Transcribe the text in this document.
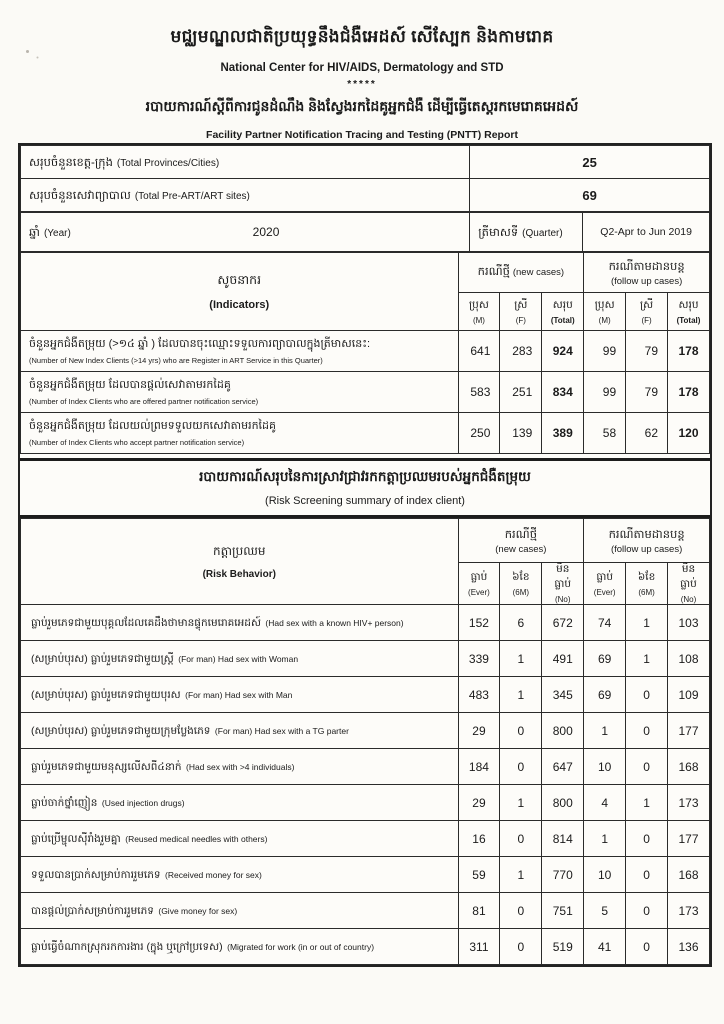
មជ្ឈមណ្ឌលជាតិប្រយុទ្ធនឹងជំងឺអេដស៍ សើស្បែក និងកាមរោគ
National Center for HIV/AIDS, Dermatology and STD
*****
របាយការណ៍ស្តីពីការជូនដំណឹង និងស្វែងរកដៃគូអ្នកជំងឺ ដើម្បីធ្វើតេស្តរកមេរោគអេដស៍
Facility Partner Notification Tracing and Testing (PNTT) Report
សរុបចំនួនខេត្ត-ក្រុង (Total Provinces/Cities)	25
សរុបចំនួនសេវាព្យាបាល (Total Pre-ART/ART sites)	69
ឆ្នាំ (Year)	2020	ត្រីមាសទី (Quarter)	Q2-Apr to Jun 2019
សូចនាករ
(Indicators)
	ករណីថ្មី (new cases)	ករណីតាមដានបន្ត
(follow up cases)

	ប្រុស
(M)	ស្រី
(F)	សរុប
(Total)	ប្រុស
(M)	ស្រី
(F)	សរុប
(Total)

ចំនួនអ្នកជំងឺតម្រុយ (>១៤ ឆ្នាំ ) ដែលបានចុះឈ្មោះទទួលការព្យាបាលក្នុងត្រីមាសនេះ:
(Number of New Index Clients (>14 yrs) who are Register in ART Service in this Quarter)	641	283	924	99	79	178

ចំនួនអ្នកជំងឺតម្រុយ ដែលបានផ្តល់សេវាតាមរកដៃគូ
(Number of Index Clients who are offered partner notification service)	583	251	834	99	79	178

ចំនួនអ្នកជំងឺតម្រុយ ដែលយល់ព្រមទទួលយកសេវាតាមរកដៃគូ
(Number of Index Clients who accept partner notification service)	250	139	389	58	62	120
របាយការណ៍សរុបនៃការស្រាវជ្រាវរកកត្តាប្រឈមរបស់អ្នកជំងឺតម្រុយ
(Risk Screening summary of index client)
កត្តាប្រឈម
(Risk Behavior)

ករណីថ្មី
(new cases)

ករណីតាមដានបន្ត
(follow up cases)

	ធ្លាប់
(Ever)	៦ខែ
(6M)	មិនធ្លាប់
(No)	ធ្លាប់
(Ever)	៦ខែ
(6M)	មិនធ្លាប់
(No)

ធ្លាប់រួមភេទជាមួយបុគ្គលដែលគេដឹងថាមានផ្ទុកមេរោគអេដស៍ (Had sex with a known HIV+ person)	152	6	672	74	1	103
(សម្រាប់បុរស) ធ្លាប់រួមភេទជាមួយស្ត្រី (For man) Had sex with Woman	339	1	491	69	1	108
(សម្រាប់បុរស) ធ្លាប់រួមភេទជាមួយបុរស (For man) Had sex with Man	483	1	345	69	0	109
(សម្រាប់បុរស) ធ្លាប់រួមភេទជាមួយក្រុមប្លែងភេទ (For man) Had sex with a TG parter	29	0	800	1	0	177
ធ្លាប់រួមភេទជាមួយមនុស្សលើសពី៤នាក់ (Had sex with >4 individuals)	184	0	647	10	0	168
ធ្លាប់ចាក់ថ្នាំញៀន (Used injection drugs)	29	1	800	4	1	173
ធ្លាប់ប្រើម្ជុលស៊ីរាំងរួមគ្នា (Reused medical needles with others)	16	0	814	1	0	177
ទទួលបានប្រាក់សម្រាប់ការរួមភេទ (Received money for sex)	59	1	770	10	0	168
បានផ្តល់ប្រាក់សម្រាប់ការរួមភេទ (Give money for sex)	81	0	751	5	0	173
ធ្លាប់ធ្វើចំណាកស្រុករកការងារ (ក្នុង ឬក្រៅប្រទេស) (Migrated for work (in or out of country)	311	0	519	41	0	136
